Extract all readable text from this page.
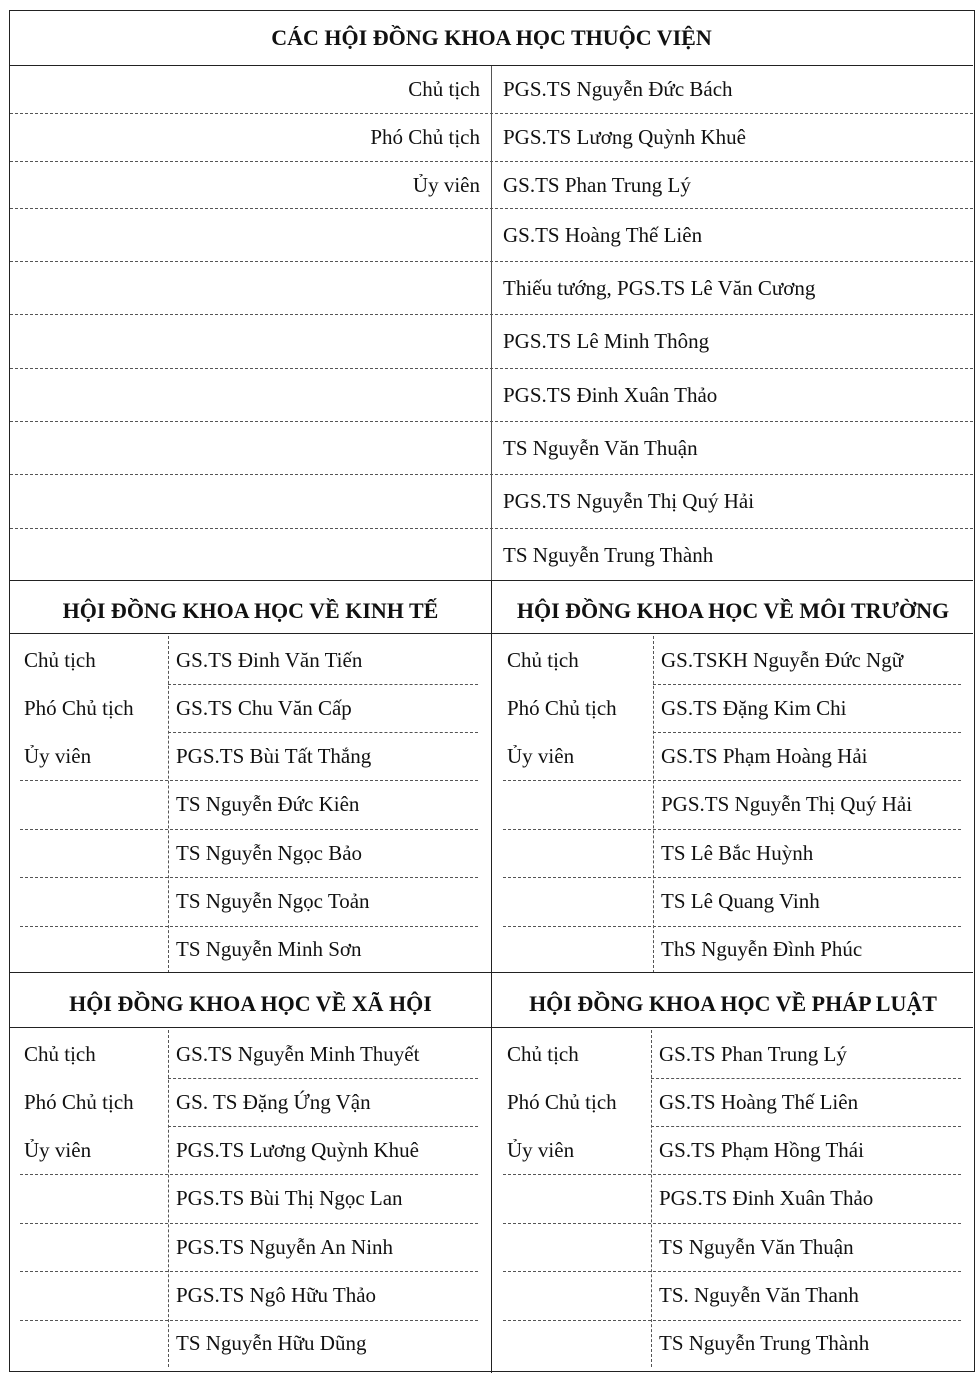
CÁC HỘI ĐỒNG KHOA HỌC THUỘC VIỆN
Chủ tịch	PGS.TS Nguyễn Đức Bách
Phó Chủ tịch	PGS.TS Lương Quỳnh Khuê
Ủy viên	GS.TS Phan Trung Lý
GS.TS Hoàng Thế Liên
Thiếu tướng, PGS.TS Lê Văn Cương
PGS.TS Lê Minh Thông
PGS.TS Đinh Xuân Thảo
TS Nguyễn Văn Thuận
PGS.TS Nguyễn Thị Quý Hải
TS Nguyễn Trung Thành
HỘI ĐỒNG KHOA HỌC VỀ KINH TẾ	HỘI ĐỒNG KHOA HỌC VỀ MÔI TRƯỜNG
Chủ tịch	GS.TS Đinh Văn Tiến
Phó Chủ tịch GS.TS Chu Văn Cấp
Ủy viên	PGS.TS Bùi Tất Thắng
TS Nguyễn Đức Kiên
TS Nguyễn Ngọc Bảo
TS Nguyễn Ngọc Toản
TS Nguyễn Minh Sơn
Chủ tịch	GS.TSKH Nguyễn Đức Ngữ
Phó Chủ tịch GS.TS Đặng Kim Chi
Ủy viên	GS.TS Phạm Hoàng Hải
PGS.TS Nguyễn Thị Quý Hải
TS Lê Bắc Huỳnh
TS Lê Quang Vinh
ThS Nguyễn Đình Phúc
HỘI ĐỒNG KHOA HỌC VỀ XÃ HỘI	HỘI ĐỒNG KHOA HỌC VỀ PHÁP LUẬT
Chủ tịch	GS.TS Nguyễn Minh Thuyết
Phó Chủ tịch GS. TS Đặng Ứng Vận
Ủy viên	PGS.TS Lương Quỳnh Khuê
PGS.TS Bùi Thị Ngọc Lan
PGS.TS Nguyễn An Ninh
PGS.TS Ngô Hữu Thảo
TS Nguyễn Hữu Dũng
Chủ tịch	GS.TS Phan Trung Lý
Phó Chủ tịch GS.TS Hoàng Thế Liên
Ủy viên	GS.TS Phạm Hồng Thái
PGS.TS Đinh Xuân Thảo
TS Nguyễn Văn Thuận
TS. Nguyễn Văn Thanh
TS Nguyễn Trung Thành
